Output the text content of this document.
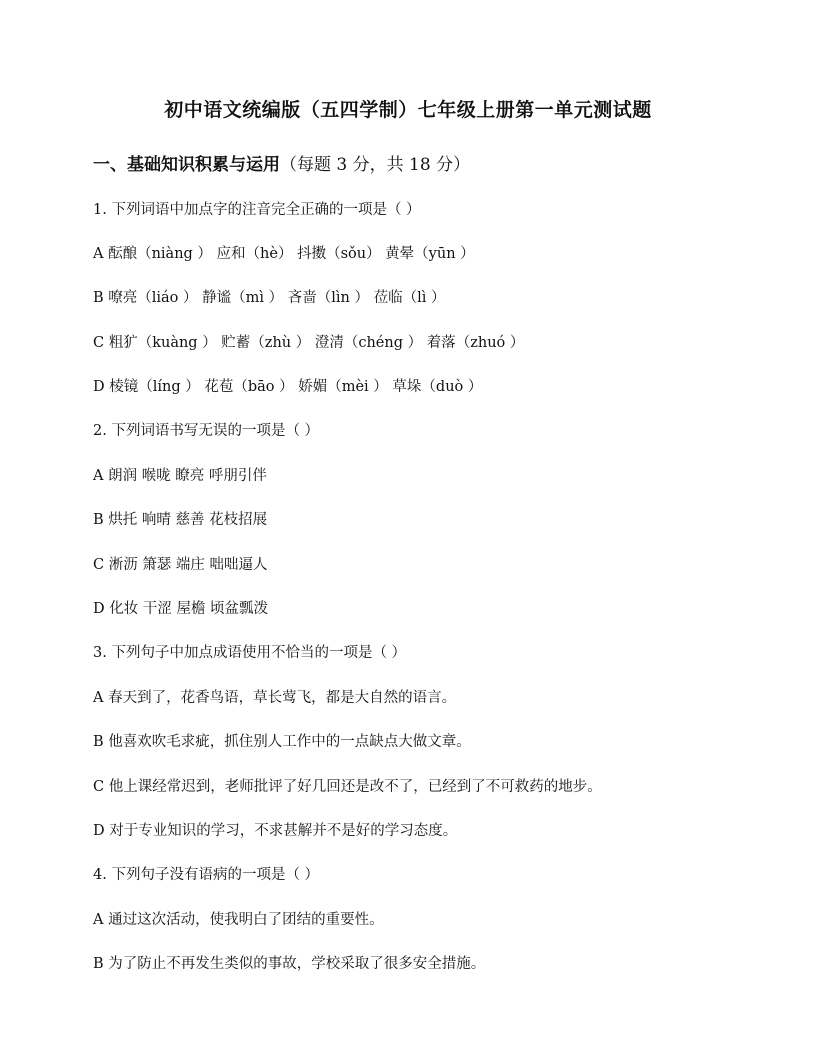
初中语文统编版（五四学制）七年级上册第一单元测试题
一、基础知识积累与运用（每题 3 分，共 18 分）
1. 下列词语中加点字的注音完全正确的一项是（ ）
A 酝酿（niàng ） 应和（hè） 抖擞（sǒu） 黄晕（yūn ）
B 嘹亮（liáo ） 静谧（mì ） 吝啬（lìn ） 莅临（lì ）
C 粗犷（kuàng ） 贮蓄（zhù ） 澄清（chéng ） 着落（zhuó ）
D 棱镜（líng ） 花苞（bāo ） 娇媚（mèi ） 草垛（duò ）
2. 下列词语书写无误的一项是（ ）
A 朗润 喉咙 瞭亮 呼朋引伴
B 烘托 响晴 慈善 花枝招展
C 淅沥 箫瑟 端庄 咄咄逼人
D 化妆 干涩 屋檐 顷盆瓢泼
3. 下列句子中加点成语使用不恰当的一项是（ ）
A 春天到了，花香鸟语，草长莺飞，都是大自然的语言。
B 他喜欢吹毛求疵，抓住别人工作中的一点缺点大做文章。
C 他上课经常迟到，老师批评了好几回还是改不了，已经到了不可救药的地步。
D 对于专业知识的学习，不求甚解并不是好的学习态度。
4. 下列句子没有语病的一项是（ ）
A 通过这次活动，使我明白了团结的重要性。
B 为了防止不再发生类似的事故，学校采取了很多安全措施。
